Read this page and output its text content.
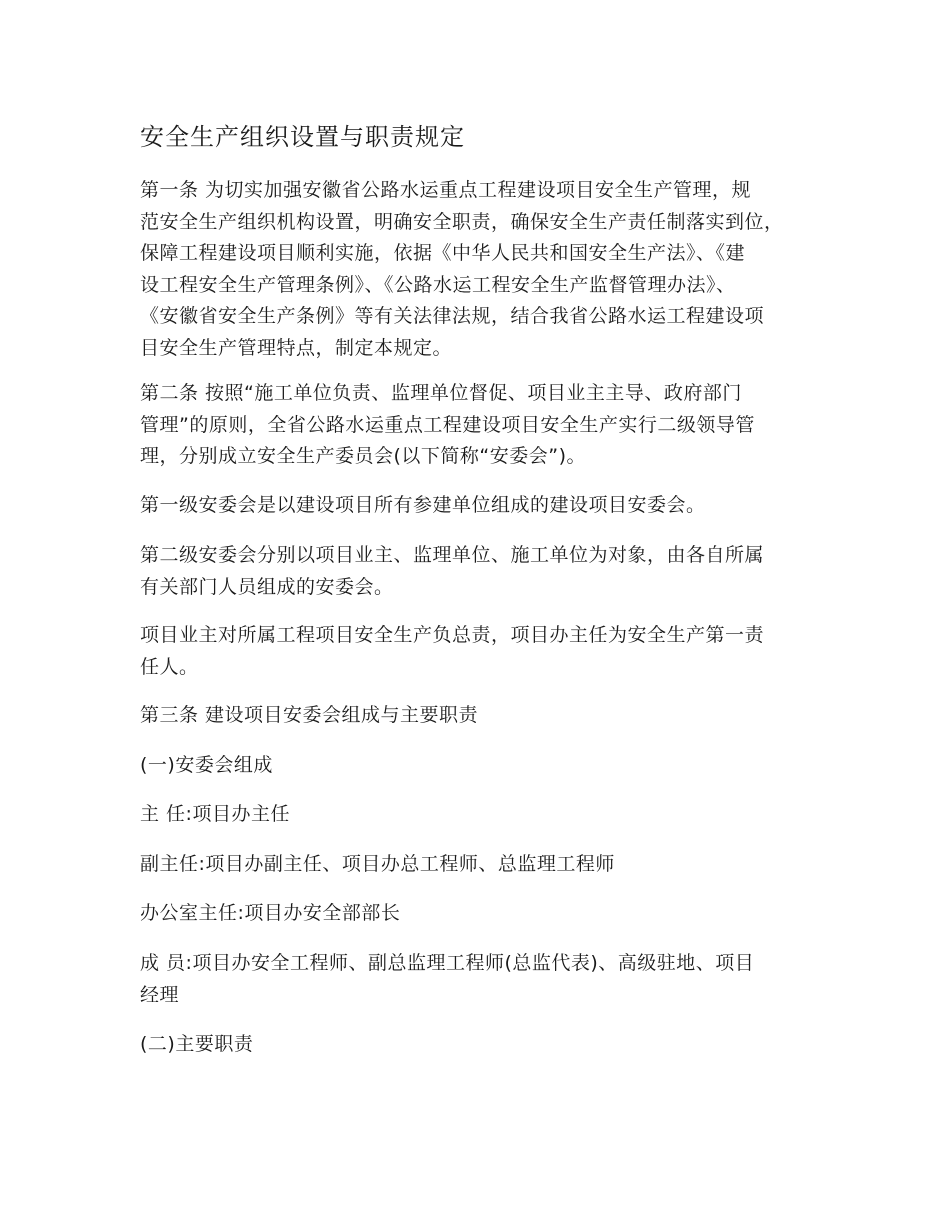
安全生产组织设置与职责规定
第一条 为切实加强安徽省公路水运重点工程建设项目安全生产管理，规
范安全生产组织机构设置，明确安全职责，确保安全生产责任制落实到位，
保障工程建设项目顺利实施，依据《中华人民共和国安全生产法》、《建
设工程安全生产管理条例》、《公路水运工程安全生产监督管理办法》、
《安徽省安全生产条例》等有关法律法规，结合我省公路水运工程建设项
目安全生产管理特点，制定本规定。
第二条 按照“施工单位负责、监理单位督促、项目业主主导、政府部门
管理”的原则，全省公路水运重点工程建设项目安全生产实行二级领导管
理，分别成立安全生产委员会(以下简称“安委会”)。
第一级安委会是以建设项目所有参建单位组成的建设项目安委会。
第二级安委会分别以项目业主、监理单位、施工单位为对象，由各自所属
有关部门人员组成的安委会。
项目业主对所属工程项目安全生产负总责，项目办主任为安全生产第一责
任人。
第三条 建设项目安委会组成与主要职责
(一)安委会组成
主 任:项目办主任
副主任:项目办副主任、项目办总工程师、总监理工程师
办公室主任:项目办安全部部长
成 员:项目办安全工程师、副总监理工程师(总监代表)、高级驻地、项目
经理
(二)主要职责
